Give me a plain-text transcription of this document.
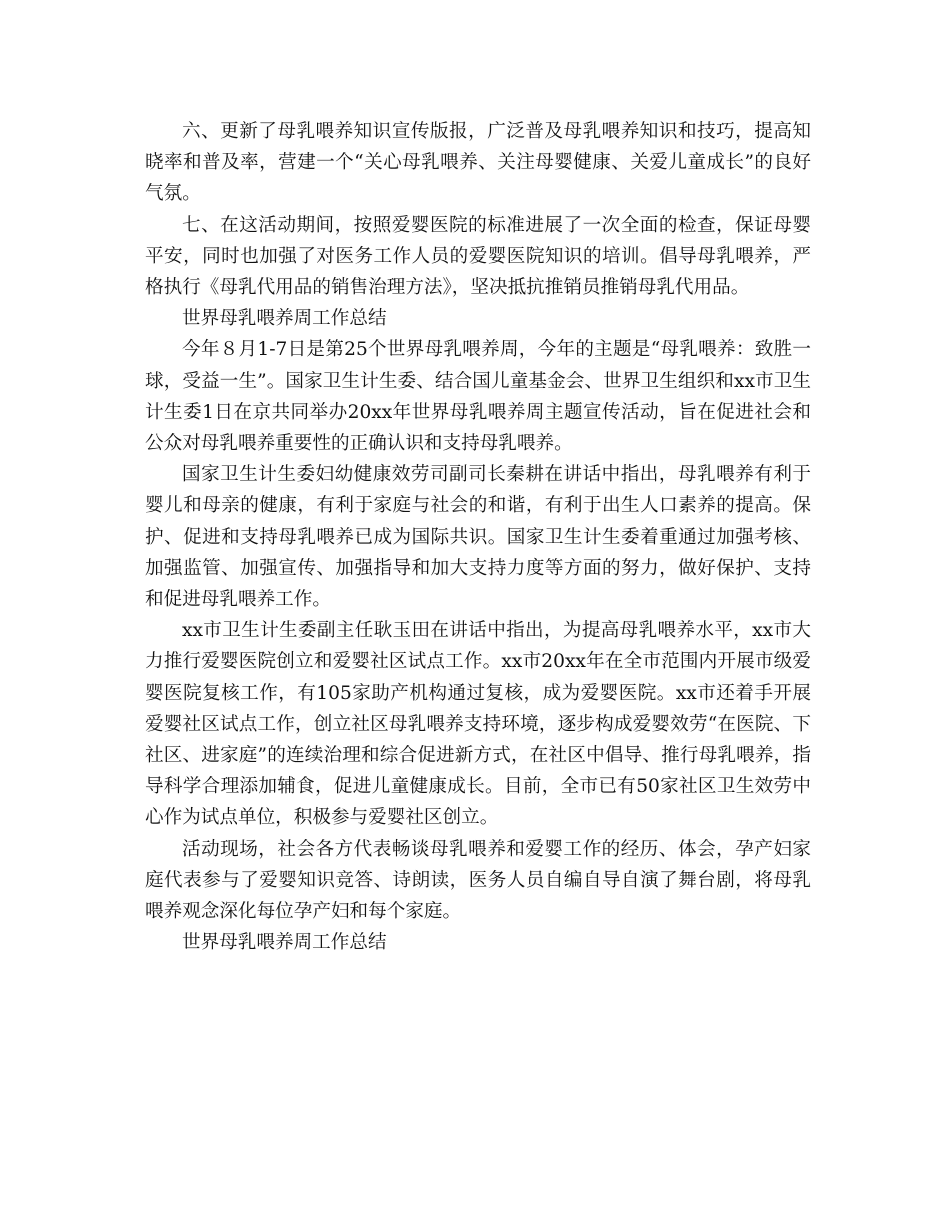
六、更新了母乳喂养知识宣传版报，广泛普及母乳喂养知识和技巧，提高知晓率和普及率，营建一个“关心母乳喂养、关注母婴健康、关爱儿童成长”的良好气氛。

七、在这活动期间，按照爱婴医院的标准进展了一次全面的检查，保证母婴平安，同时也加强了对医务工作人员的爱婴医院知识的培训。倡导母乳喂养，严格执行《母乳代用品的销售治理方法》，坚决抵抗推销员推销母乳代用品。

世界母乳喂养周工作总结

今年８月1-7日是第25个世界母乳喂养周，今年的主题是“母乳喂养：致胜一球，受益一生”。国家卫生计生委、结合国儿童基金会、世界卫生组织和xx市卫生计生委1日在京共同举办20xx年世界母乳喂养周主题宣传活动，旨在促进社会和公众对母乳喂养重要性的正确认识和支持母乳喂养。

国家卫生计生委妇幼健康效劳司副司长秦耕在讲话中指出，母乳喂养有利于婴儿和母亲的健康，有利于家庭与社会的和谐，有利于出生人口素养的提高。保护、促进和支持母乳喂养已成为国际共识。国家卫生计生委着重通过加强考核、加强监管、加强宣传、加强指导和加大支持力度等方面的努力，做好保护、支持和促进母乳喂养工作。

xx市卫生计生委副主任耿玉田在讲话中指出，为提高母乳喂养水平，xx市大力推行爱婴医院创立和爱婴社区试点工作。xx市20xx年在全市范围内开展市级爱婴医院复核工作，有105家助产机构通过复核，成为爱婴医院。xx市还着手开展爱婴社区试点工作，创立社区母乳喂养支持环境，逐步构成爱婴效劳“在医院、下社区、进家庭”的连续治理和综合促进新方式，在社区中倡导、推行母乳喂养，指导科学合理添加辅食，促进儿童健康成长。目前，全市已有50家社区卫生效劳中心作为试点单位，积极参与爱婴社区创立。

活动现场，社会各方代表畅谈母乳喂养和爱婴工作的经历、体会，孕产妇家庭代表参与了爱婴知识竞答、诗朗读，医务人员自编自导自演了舞台剧，将母乳喂养观念深化每位孕产妇和每个家庭。

世界母乳喂养周工作总结
